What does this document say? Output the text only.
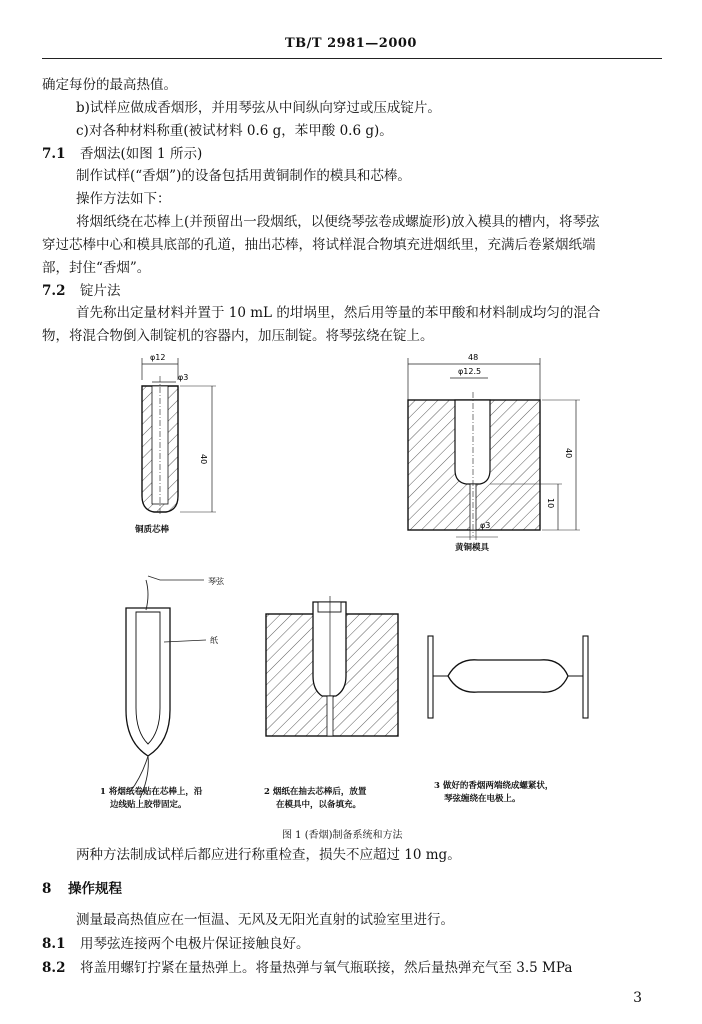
TB/T 2981—2000
确定每份的最高热值。
b)试样应做成香烟形，并用琴弦从中间纵向穿过或压成锭片。
c)对各种材料称重(被试材料 0.6 g，苯甲酸 0.6 g)。
7.1 香烟法(如图 1 所示)
制作试样(“香烟”)的设备包括用黄铜制作的模具和芯棒。
操作方法如下：
将烟纸绕在芯棒上(并预留出一段烟纸，以便绕琴弦卷成螺旋形)放入模具的槽内，将琴弦
穿过芯棒中心和模具底部的孔道，抽出芯棒，将试样混合物填充进烟纸里，充满后卷紧烟纸端
部，封住“香烟”。
7.2 锭片法
首先称出定量材料并置于 10 mL 的坩埚里，然后用等量的苯甲酸和材料制成均匀的混合
物，将混合物倒入制锭机的容器内，加压制锭。将琴弦绕在锭上。
φ12
φ3
40
48
φ12.5
40
10
φ3
琴弦
纸
铜质芯棒
黄铜模具
1 将烟纸卷贴在芯棒上，沿
边线贴上胶带固定。
2 烟纸在抽去芯棒后，放置
在模具中，以备填充。
3 做好的香烟两端绕成螺紧状，
琴弦缠绕在电极上。
图 1 (香烟)制备系统和方法
两种方法制成试样后都应进行称重检查，损失不应超过 10 mg。
8 操作规程
测量最高热值应在一恒温、无风及无阳光直射的试验室里进行。
8.1 用琴弦连接两个电极片保证接触良好。
8.2 将盖用螺钉拧紧在量热弹上。将量热弹与氧气瓶联接，然后量热弹充气至 3.5 MPa
3
